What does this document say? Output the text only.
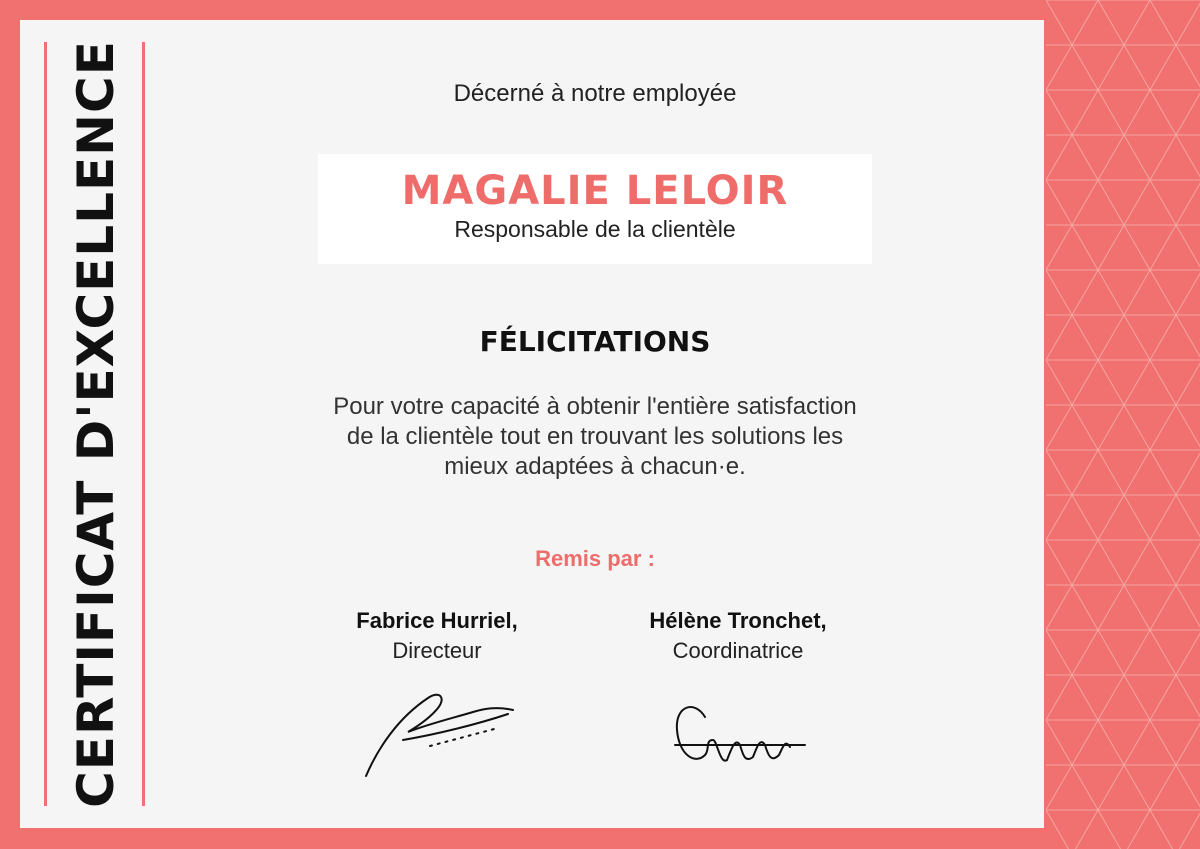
CERTIFICAT D'EXCELLENCE	Décerné à notre employée
MAGALIE LELOIR
Responsable de la clientèle
FÉLICITATIONS
Pour votre capacité à obtenir l'entière satisfaction
de la clientèle tout en trouvant les solutions les
mieux adaptées à chacun·e.
Remis par :
Fabrice Hurriel,
Directeur
Hélène Tronchet,
Coordinatrice
